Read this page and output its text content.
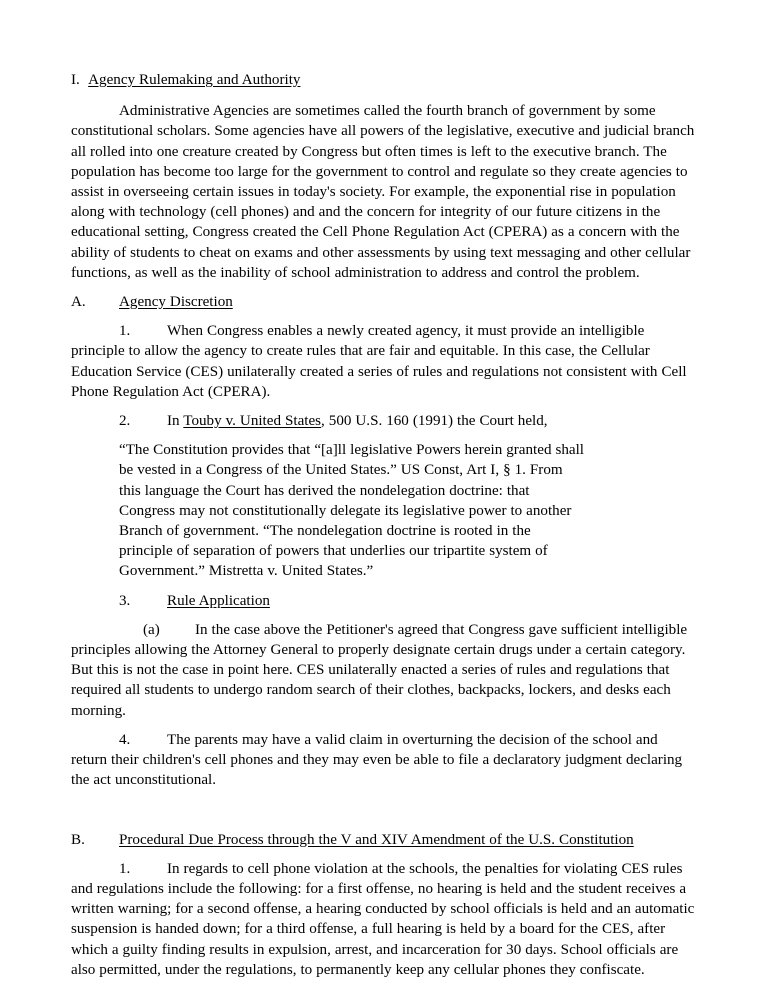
I. Agency Rulemaking and Authority

Administrative Agencies are sometimes called the fourth branch of government by some constitutional scholars. Some agencies have all powers of the legislative, executive and judicial branch all rolled into one creature created by Congress but often times is left to the executive branch. The population has become too large for the government to control and regulate so they create agencies to assist in overseeing certain issues in today's society. For example, the exponential rise in population along with technology (cell phones) and and the concern for integrity of our future citizens in the educational setting, Congress created the Cell Phone Regulation Act (CPERA) as a concern with the ability of students to cheat on exams and other assessments by using text messaging and other cellular functions, as well as the inability of school administration to address and control the problem.

A. Agency Discretion

1. When Congress enables a newly created agency, it must provide an intelligible principle to allow the agency to create rules that are fair and equitable. In this case, the Cellular Education Service (CES) unilaterally created a series of rules and regulations not consistent with Cell Phone Regulation Act (CPERA).

2. In Touby v. United States, 500 U.S. 160 (1991) the Court held,

“The Constitution provides that “[a]ll legislative Powers herein granted shall
be vested in a Congress of the United States.” US Const, Art I, § 1. From
this language the Court has derived the nondelegation doctrine: that
Congress may not constitutionally delegate its legislative power to another
Branch of government. “The nondelegation doctrine is rooted in the
principle of separation of powers that underlies our tripartite system of
Government.” Mistretta v. United States.”

3. Rule Application

(a) In the case above the Petitioner's agreed that Congress gave sufficient intelligible principles allowing the Attorney General to properly designate certain drugs under a certain category. But this is not the case in point here. CES unilaterally enacted a series of rules and regulations that required all students to undergo random search of their clothes, backpacks, lockers, and desks each morning.

4. The parents may have a valid claim in overturning the decision of the school and return their children's cell phones and they may even be able to file a declaratory judgment declaring the act unconstitutional.

B. Procedural Due Process through the V and XIV Amendment of the U.S. Constitution

1. In regards to cell phone violation at the schools, the penalties for violating CES rules and regulations include the following: for a first offense, no hearing is held and the student receives a written warning; for a second offense, a hearing conducted by school officials is held and an automatic suspension is handed down; for a third offense, a full hearing is held by a board for the CES, after which a guilty finding results in expulsion, arrest, and incarceration for 30 days. School officials are also permitted, under the regulations, to permanently keep any cellular phones they confiscate.
